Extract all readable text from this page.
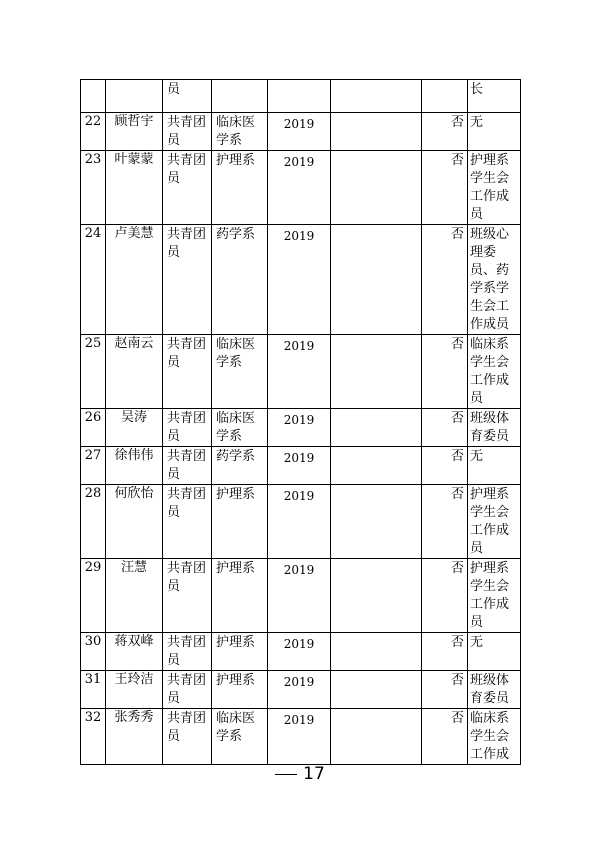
		员					长
22	顾哲宇	共青团员	临床医学系	2019		否	无
23	叶蒙蒙	共青团员	护理系	2019		否	护理系学生会工作成员
24	卢美慧	共青团员	药学系	2019		否	班级心理委员、药学系学生会工作成员
25	赵南云	共青团员	临床医学系	2019		否	临床系学生会工作成员
26	吴涛	共青团员	临床医学系	2019		否	班级体育委员
27	徐伟伟	共青团员	药学系	2019		否	无
28	何欣怡	共青团员	护理系	2019		否	护理系学生会工作成员
29	汪慧	共青团员	护理系	2019		否	护理系学生会工作成员
30	蒋双峰	共青团员	护理系	2019		否	无
31	王玲洁	共青团员	护理系	2019		否	班级体育委员
32	张秀秀	共青团员	临床医学系	2019		否	临床系学生会工作成
17
